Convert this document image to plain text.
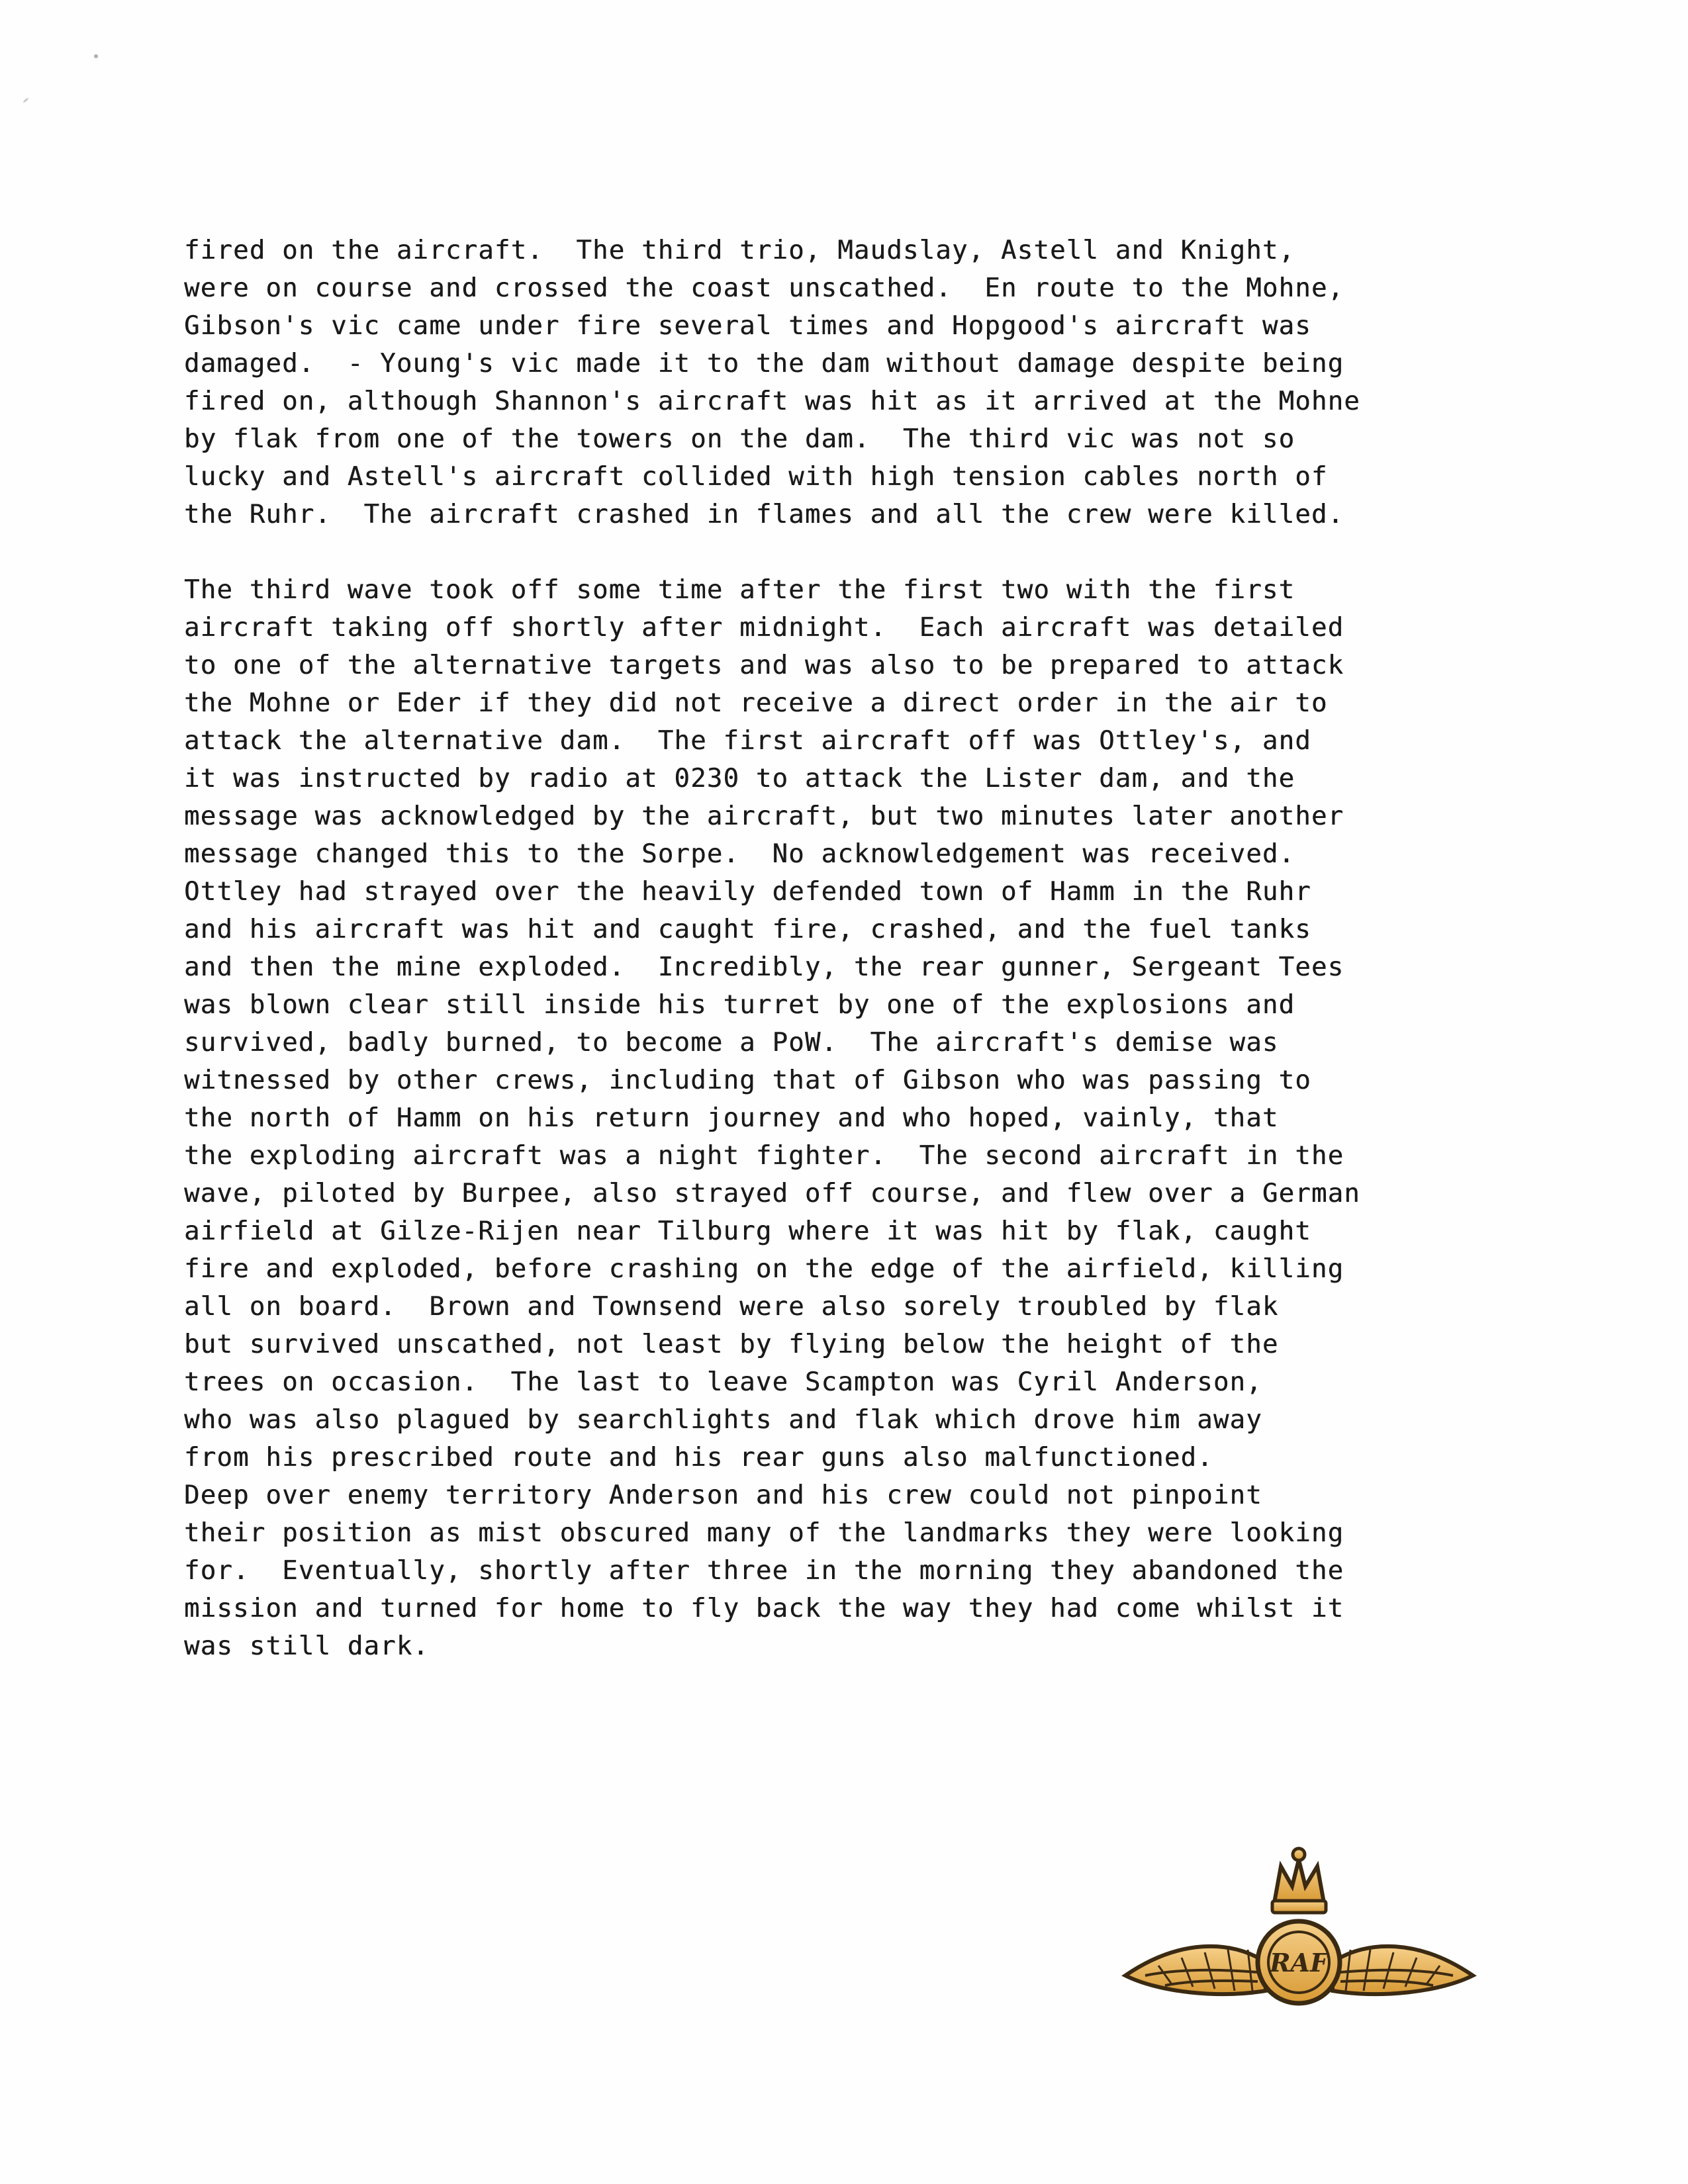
fired on the aircraft.  The third trio, Maudslay, Astell and Knight,
were on course and crossed the coast unscathed.  En route to the Mohne,
Gibson's vic came under fire several times and Hopgood's aircraft was
damaged.  - Young's vic made it to the dam without damage despite being
fired on, although Shannon's aircraft was hit as it arrived at the Mohne
by flak from one of the towers on the dam.  The third vic was not so
lucky and Astell's aircraft collided with high tension cables north of
the Ruhr.  The aircraft crashed in flames and all the crew were killed.
The third wave took off some time after the first two with the first
aircraft taking off shortly after midnight.  Each aircraft was detailed
to one of the alternative targets and was also to be prepared to attack
the Mohne or Eder if they did not receive a direct order in the air to
attack the alternative dam.  The first aircraft off was Ottley's, and
it was instructed by radio at 0230 to attack the Lister dam, and the
message was acknowledged by the aircraft, but two minutes later another
message changed this to the Sorpe.  No acknowledgement was received.
Ottley had strayed over the heavily defended town of Hamm in the Ruhr
and his aircraft was hit and caught fire, crashed, and the fuel tanks
and then the mine exploded.  Incredibly, the rear gunner, Sergeant Tees
was blown clear still inside his turret by one of the explosions and
survived, badly burned, to become a PoW.  The aircraft's demise was
witnessed by other crews, including that of Gibson who was passing to
the north of Hamm on his return journey and who hoped, vainly, that
the exploding aircraft was a night fighter.  The second aircraft in the
wave, piloted by Burpee, also strayed off course, and flew over a German
airfield at Gilze-Rijen near Tilburg where it was hit by flak, caught
fire and exploded, before crashing on the edge of the airfield, killing
all on board.  Brown and Townsend were also sorely troubled by flak
but survived unscathed, not least by flying below the height of the
trees on occasion.  The last to leave Scampton was Cyril Anderson,
who was also plagued by searchlights and flak which drove him away
from his prescribed route and his rear guns also malfunctioned.
Deep over enemy territory Anderson and his crew could not pinpoint
their position as mist obscured many of the landmarks they were looking
for.  Eventually, shortly after three in the morning they abandoned the
mission and turned for home to fly back the way they had come whilst it
was still dark.
RAF
